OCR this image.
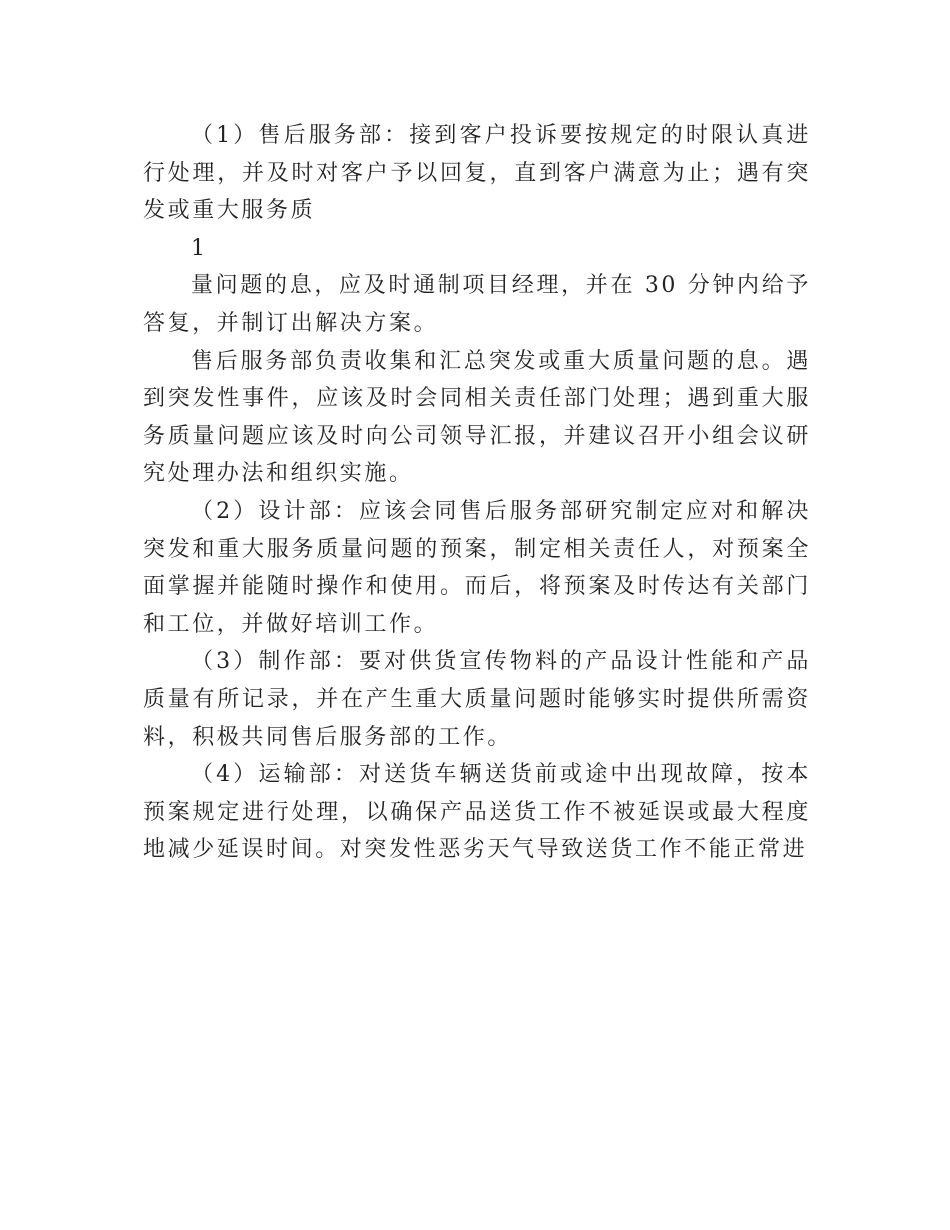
（1）售后服务部：接到客户投诉要按规定的时限认真进行处理，并及时对客户予以回复，直到客户满意为止；遇有突发或重大服务质

1

量问题的息，应及时通制项目经理，并在 30 分钟内给予答复，并制订出解决方案。

售后服务部负责收集和汇总突发或重大质量问题的息。遇到突发性事件，应该及时会同相关责任部门处理；遇到重大服务质量问题应该及时向公司领导汇报，并建议召开小组会议研究处理办法和组织实施。

（2）设计部：应该会同售后服务部研究制定应对和解决突发和重大服务质量问题的预案，制定相关责任人，对预案全面掌握并能随时操作和使用。而后，将预案及时传达有关部门和工位，并做好培训工作。

（3）制作部：要对供货宣传物料的产品设计性能和产品质量有所记录，并在产生重大质量问题时能够实时提供所需资料，积极共同售后服务部的工作。

（4）运输部：对送货车辆送货前或途中出现故障，按本预案规定进行处理，以确保产品送货工作不被延误或最大程度地减少延误时间。对突发性恶劣天气导致送货工作不能正常进
